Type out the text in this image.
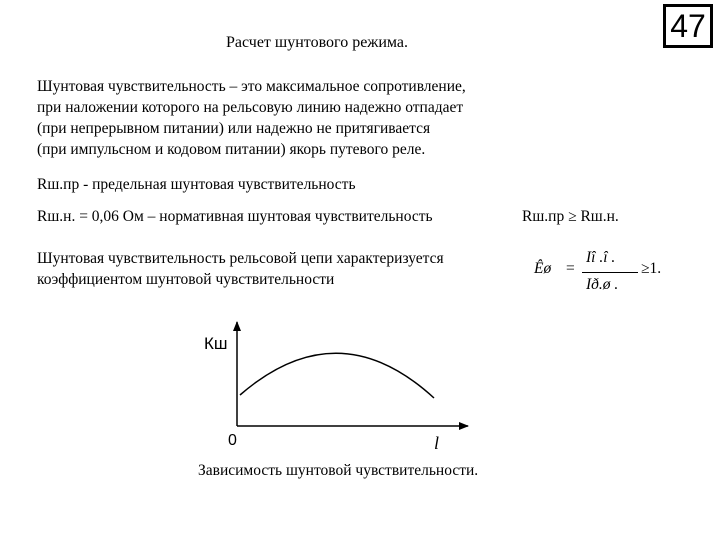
47
Расчет шунтового режима.

Шунтовая чувствительность – это максимальное сопротивление,
при наложении которого на рельсовую линию надежно отпадает
(при непрерывном питании) или надежно не притягивается
(при импульсном и кодовом питании) якорь путевого реле.

Rш.пр - предельная шунтовая чувствительность
Rш.н. = 0,06 Ом – нормативная шунтовая чувствительность	Rш.пр ≥ Rш.н.

Шунтовая чувствительность рельсовой цепи характеризуется
коэффициентом шунтовой чувствительности

Êø =
Iî .î .
Ið.ø .
≥1.
Кш
l
0
Зависимость шунтовой чувствительности.
